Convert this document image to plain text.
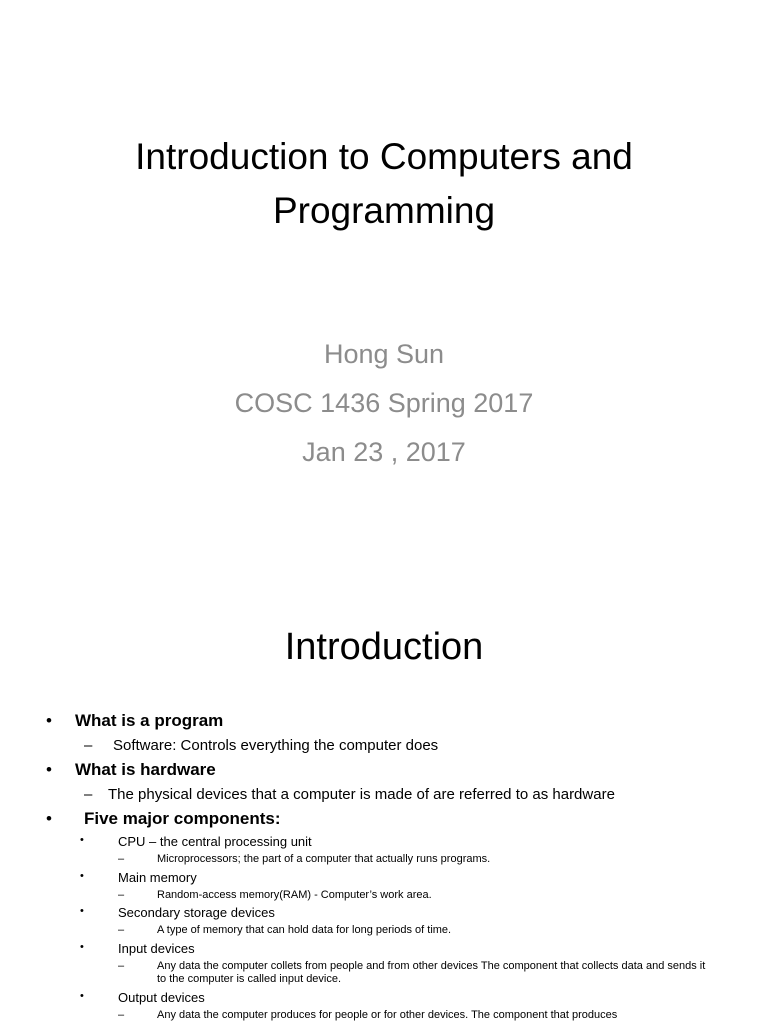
Introduction to Computers and
Programming
Hong Sun
COSC 1436 Spring 2017
Jan 23 , 2017
Introduction
• What is a program
– Software: Controls everything the computer does
• What is hardware
– The physical devices that a computer is made of are referred to as hardware
• Five major components:
•	CPU – the central processing unit
–	Microprocessors; the part of a computer that actually runs programs.
•	Main memory
–	Random-access memory(RAM) - Computer’s work area.
•	Secondary storage devices
–	A type of memory that can hold data for long periods of time.
•	Input devices
–	Any data the computer collets from people and from other devices The component that collects data and sends it to the computer is called input device.
•	Output devices
–	Any data the computer produces for people or for other devices. The component that produces
